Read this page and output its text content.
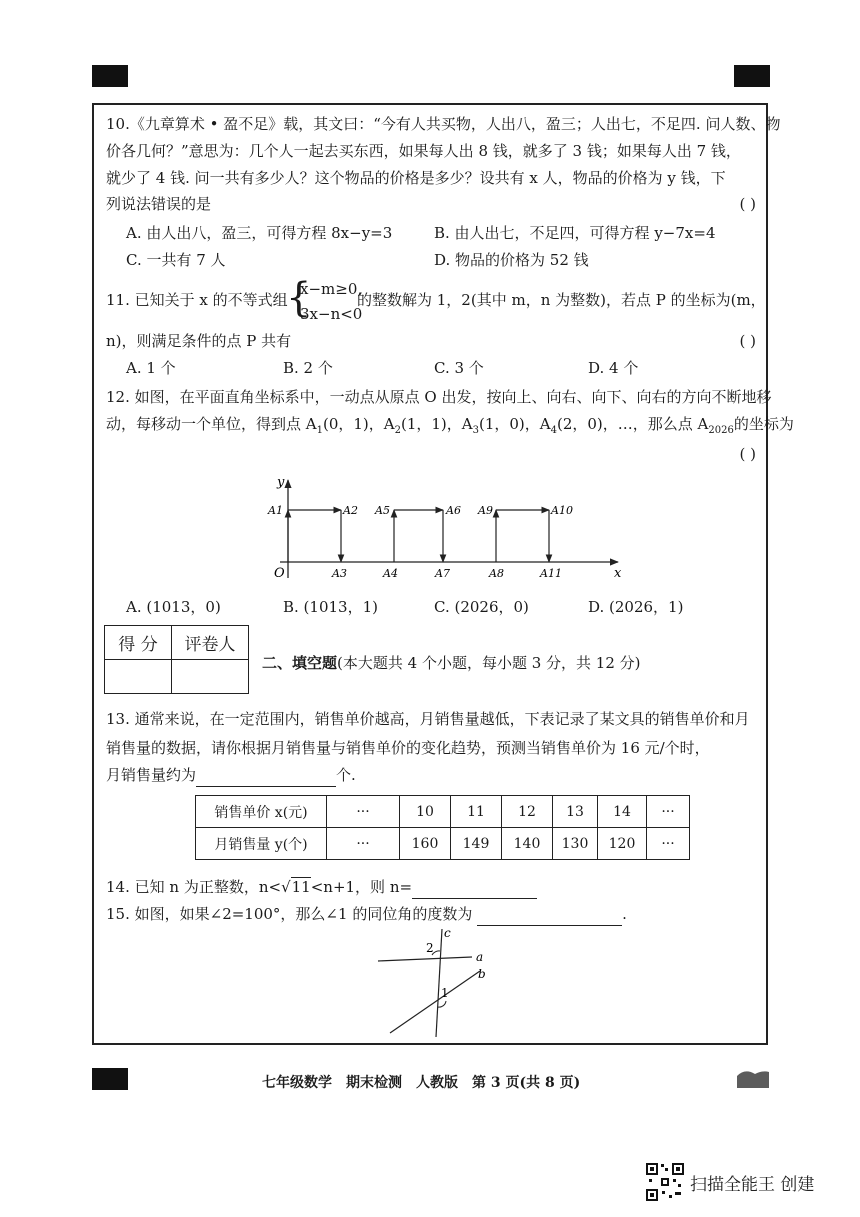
10.《九章算术 • 盈不足》载，其文曰：“今有人共买物，人出八，盈三；人出七，不足四. 问人数、物
价各几何？”意思为：几个人一起去买东西，如果每人出 8 钱，就多了 3 钱；如果每人出 7 钱，
就少了 4 钱. 问一共有多少人？这个物品的价格是多少？设共有 x 人，物品的价格为 y 钱，下
列说法错误的是	( )
A. 由人出八，盈三，可得方程 8x−y=3	B. 由人出七，不足四，可得方程 y−7x=4
C. 一共有 7 人	D. 物品的价格为 52 钱
11. 已知关于 x 的不等式组
{
x−m≥0,
3x−n<0
的整数解为 1，2(其中 m，n 为整数)，若点 P 的坐标为(m，
n)，则满足条件的点 P 共有	( )
A. 1 个	B. 2 个	C. 3 个	D. 4 个
12. 如图，在平面直角坐标系中，一动点从原点 O 出发，按向上、向右、向下、向右的方向不断地移
动，每移动一个单位，得到点 $A_1(0$，1)，$A_2(1$，1)，$A_3(1$，0)，$A_4(2$，0)，…，那么点 $A_{2026}$的坐标为
( )
y
x
O
A1	A2
A3	A4
A5	A6
A7	A8
A9	A10
A11
A. (1013，0)	B. (1013，1)	C. (2026，0)	D. (2026，1)
得 分	评卷人

二、填空题(本大题共 4 个小题，每小题 3 分，共 12 分)
13. 通常来说，在一定范围内，销售单价越高，月销售量越低，下表记录了某文具的销售单价和月
销售量的数据，请你根据月销售量与销售单价的变化趋势，预测当销售单价为 16 元/个时，
月销售量约为	个.
销售单价 x(元)	···	10	11	12	13	14	···
月销售量 y(个)	···	160	149	140	130	120	···
14. 已知 n 为正整数，n<√11<n+1，则 n=
15. 如图，如果∠2=100°，那么∠1 的同位角的度数为	.
c
2
a
b
1
七年级数学 期末检测 人教版 第 3 页(共 8 页)
扫描全能王 创建
